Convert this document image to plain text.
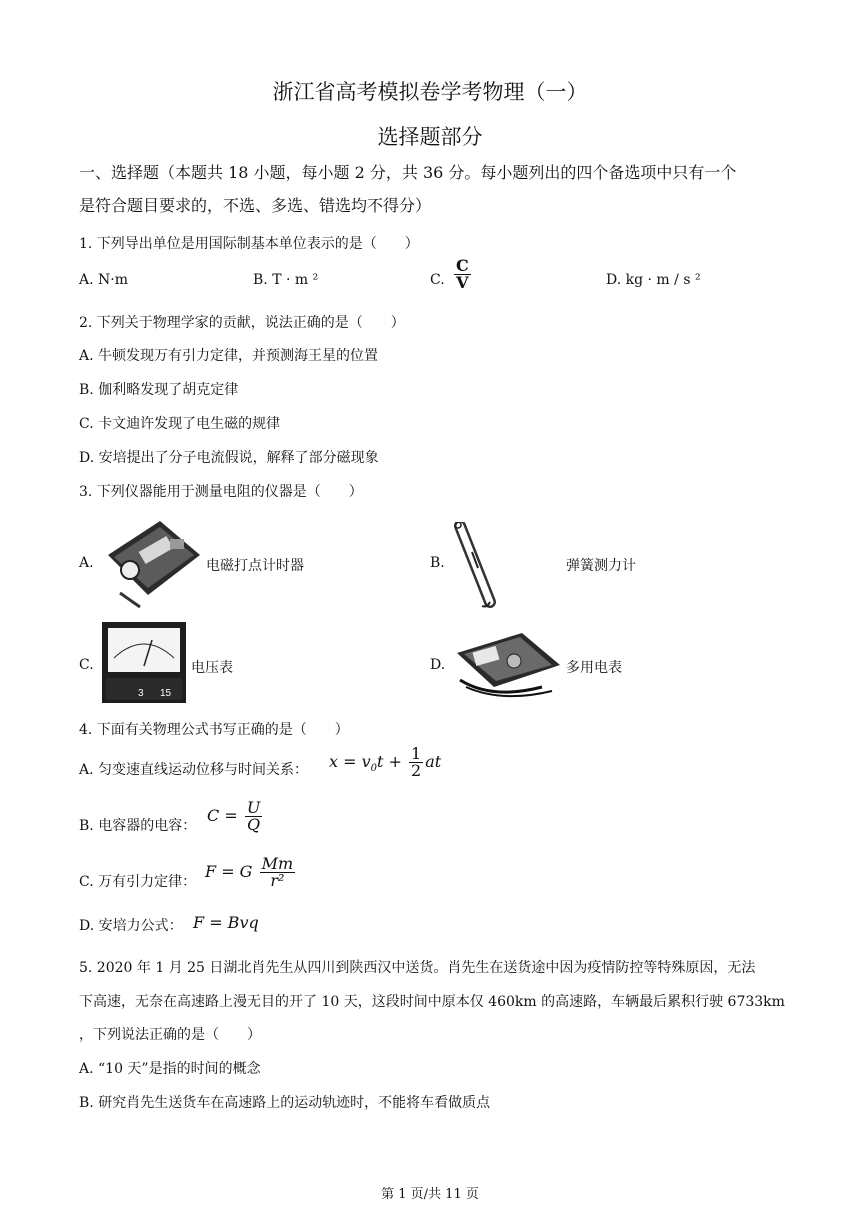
浙江省高考模拟卷学考物理（一）
选择题部分
一、选择题（本题共 18 小题，每小题 2 分，共 36 分。每小题列出的四个备选项中只有一个
是符合题目要求的，不选、多选、错选均不得分）
1. 下列导出单位是用国际制基本单位表示的是（　　）
A. N·m	B. T · m ²	C. $\frac{C}{V}$	D. kg · m / s ²
2. 下列关于物理学家的贡献，说法正确的是（　　）
A. 牛顿发现万有引力定律，并预测海王星的位置
B. 伽利略发现了胡克定律
C. 卡文迪许发现了电生磁的规律
D. 安培提出了分子电流假说，解释了部分磁现象
3. 下列仪器能用于测量电阻的仪器是（　　）
A.	电磁打点计时器	B.	弹簧测力计
C.
3 15
电压表	D.	多用电表
4. 下面有关物理公式书写正确的是（　　）
A. 匀变速直线运动位移与时间关系： $x = v_0t + \frac{1}{2}$ at
B. 电容器的电容：
$C = \frac{U}{Q}$
C. 万有引力定律：
F = G $\frac{Mm}{\text{r²}}$
D. 安培力公式： F = Bvq
5. 2020 年 1 月 25 日湖北肖先生从四川到陕西汉中送货。肖先生在送货途中因为疫情防控等特殊原因，无法
下高速，无奈在高速路上漫无目的开了 10 天，这段时间中原本仅 460km 的高速路，车辆最后累积行驶 6733km
，下列说法正确的是（　　）
A. “10 天”是指的时间的概念
B. 研究肖先生送货车在高速路上的运动轨迹时，不能将车看做质点
第 1 页/共 11 页
